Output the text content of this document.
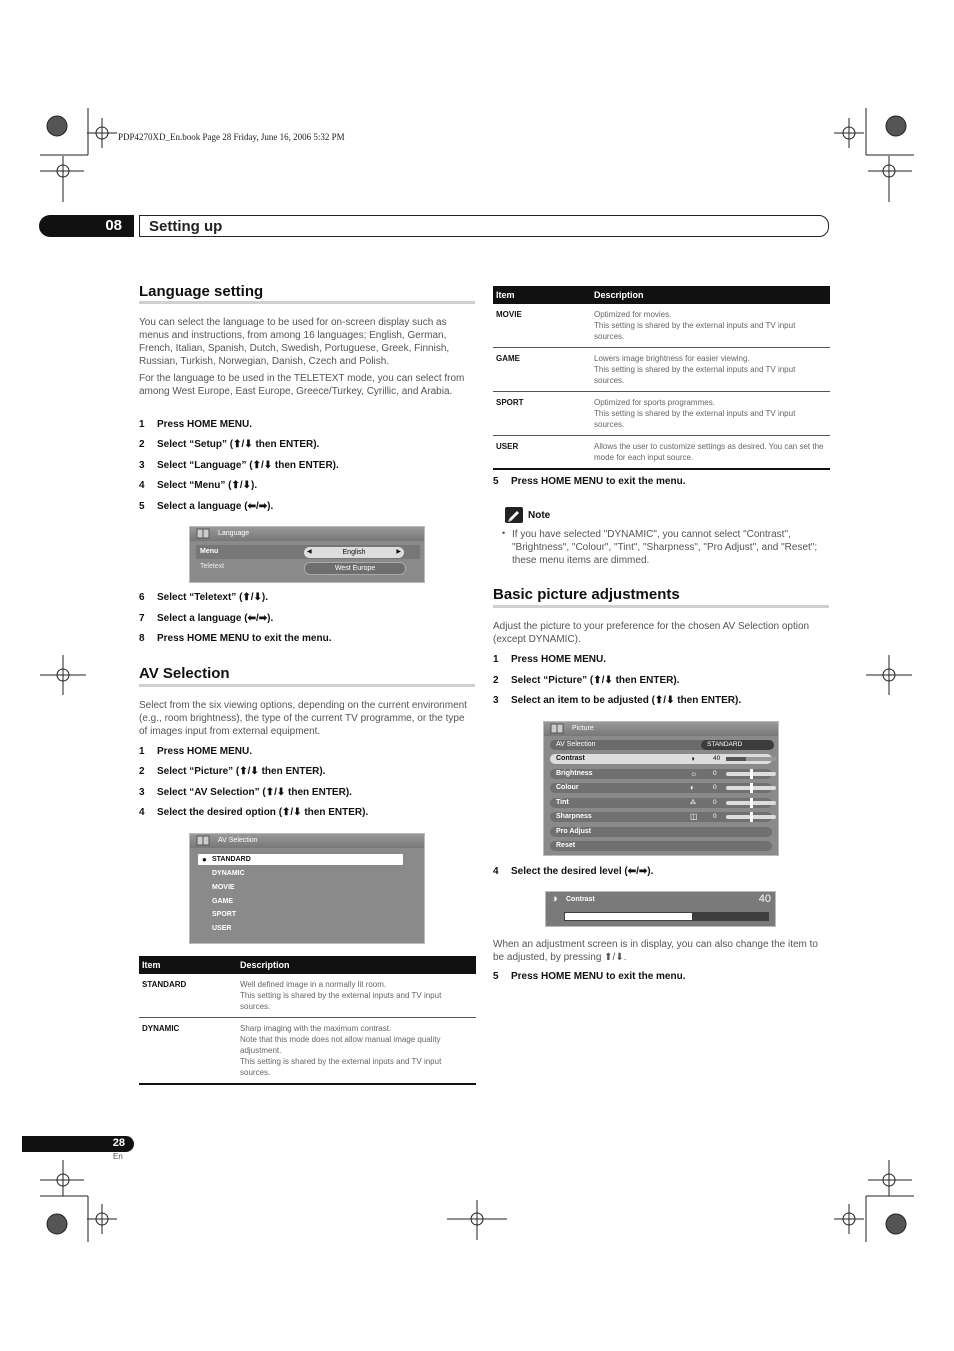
PDP4270XD_En.book Page 28 Friday, June 16, 2006 5:32 PM
08	Setting up
Language setting

You can select the language to be used for on-screen display such as menus and instructions, from among 16 languages; English, German, French, Italian, Spanish, Dutch, Swedish, Portuguese, Greek, Finnish, Russian, Turkish, Norwegian, Danish, Czech and Polish.

For the language to be used in the TELETEXT mode, you can select from among West Europe, East Europe, Greece/Turkey, Cyrillic, and Arabia.

1 Press HOME MENU.
2 Select “Setup” (⬆/⬇ then ENTER).
3 Select “Language” (⬆/⬇ then ENTER).
4 Select “Menu” (⬆/⬇).
5 Select a language (⬅/➡).
Language
Menu	◀	English	▶
Teletext	West Europe
6 Select “Teletext” (⬆/⬇).
7 Select a language (⬅/➡).
8 Press HOME MENU to exit the menu.
AV Selection

Select from the six viewing options, depending on the current environment (e.g., room brightness), the type of the current TV programme, or the type of images input from external equipment.

1 Press HOME MENU.
2 Select “Picture” (⬆/⬇ then ENTER).
3 Select “AV Selection” (⬆/⬇ then ENTER).
4 Select the desired option (⬆/⬇ then ENTER).
AV Selection
● STANDARD
DYNAMIC
MOVIE
GAME
SPORT
USER
Item	Description
STANDARD	Well defined image in a normally lit room.
This setting is shared by the external inputs and TV input sources.

DYNAMIC	Sharp imaging with the maximum contrast.
Note that this mode does not allow manual image quality adjustment.
This setting is shared by the external inputs and TV input sources.
Item	Description
MOVIE	Optimized for movies.
This setting is shared by the external inputs and TV input sources.

GAME	Lowers image brightness for easier viewing.
This setting is shared by the external inputs and TV input sources.

SPORT	Optimized for sports programmes.
This setting is shared by the external inputs and TV input sources.

USER	Allows the user to customize settings as desired. You can set the mode for each input source.
5 Press HOME MENU to exit the menu.
Note
• If you have selected "DYNAMIC", you cannot select "Contrast", "Brightness", "Colour", "Tint", "Sharpness", "Pro Adjust", and "Reset"; these menu items are dimmed.

Basic picture adjustments

Adjust the picture to your preference for the chosen AV Selection option (except DYNAMIC).

1 Press HOME MENU.
2 Select “Picture” (⬆/⬇ then ENTER).
3 Select an item to be adjusted (⬆/⬇ then ENTER).
Picture
AV Selection	STANDARD
Contrast	◑	40
Brightness	☼ 0
Colour	◐	0
Tint	⁂	0
Sharpness	◫ 0
Pro Adjust
Reset
4 Select the desired level (⬅/➡).
◑ Contrast	40

When an adjustment screen is in display, you can also change the item to be adjusted, by pressing ⬆/⬇.

5 Press HOME MENU to exit the menu.
28
En
